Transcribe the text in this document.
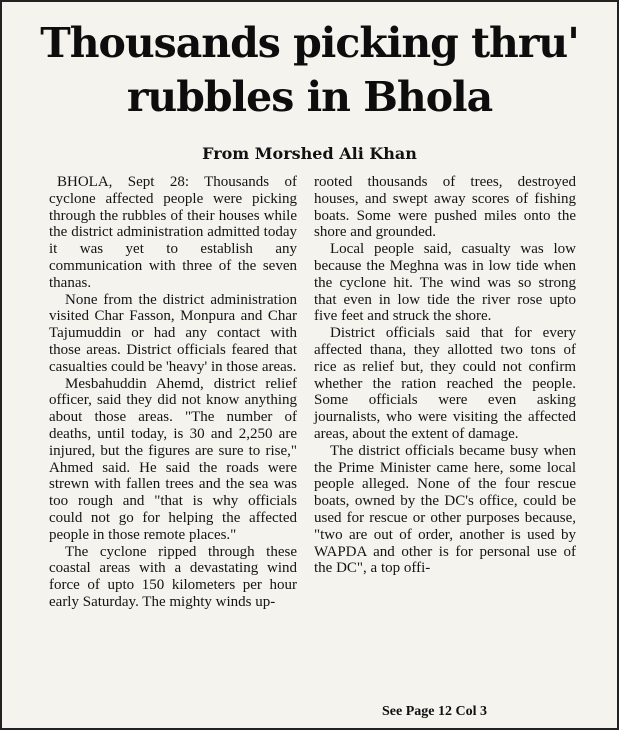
Thousands picking thru'
rubbles in Bhola
From Morshed Ali Khan

BHOLA, Sept 28: Thousands of cyclone affected people were picking through the rubbles of their houses while the district administration admitted today it was yet to establish any communication with three of the seven thanas.

None from the district administration visited Char Fasson, Monpura and Char Tajumuddin or had any contact with those areas. District officials feared that casualties could be 'heavy' in those areas.

Mesbahuddin Ahemd, district relief officer, said they did not know anything about those areas. "The number of deaths, until today, is 30 and 2,250 are injured, but the figures are sure to rise," Ahmed said. He said the roads were strewn with fallen trees and the sea was too rough and "that is why officials could not go for helping the affected people in those remote places."

The cyclone ripped through these coastal areas with a devastating wind force of upto 150 kilometers per hour early Saturday. The mighty winds up-

rooted thousands of trees, destroyed houses, and swept away scores of fishing boats. Some were pushed miles onto the shore and grounded.

Local people said, casualty was low because the Meghna was in low tide when the cyclone hit. The wind was so strong that even in low tide the river rose upto five feet and struck the shore.

District officials said that for every affected thana, they allotted two tons of rice as relief but, they could not confirm whether the ration reached the people. Some officials were even asking journalists, who were visiting the affected areas, about the extent of damage.

The district officials became busy when the Prime Minister came here, some local people alleged. None of the four rescue boats, owned by the DC's office, could be used for rescue or other purposes because, "two are out of order, another is used by WAPDA and other is for personal use of the DC", a top offi-

See Page 12 Col 3
